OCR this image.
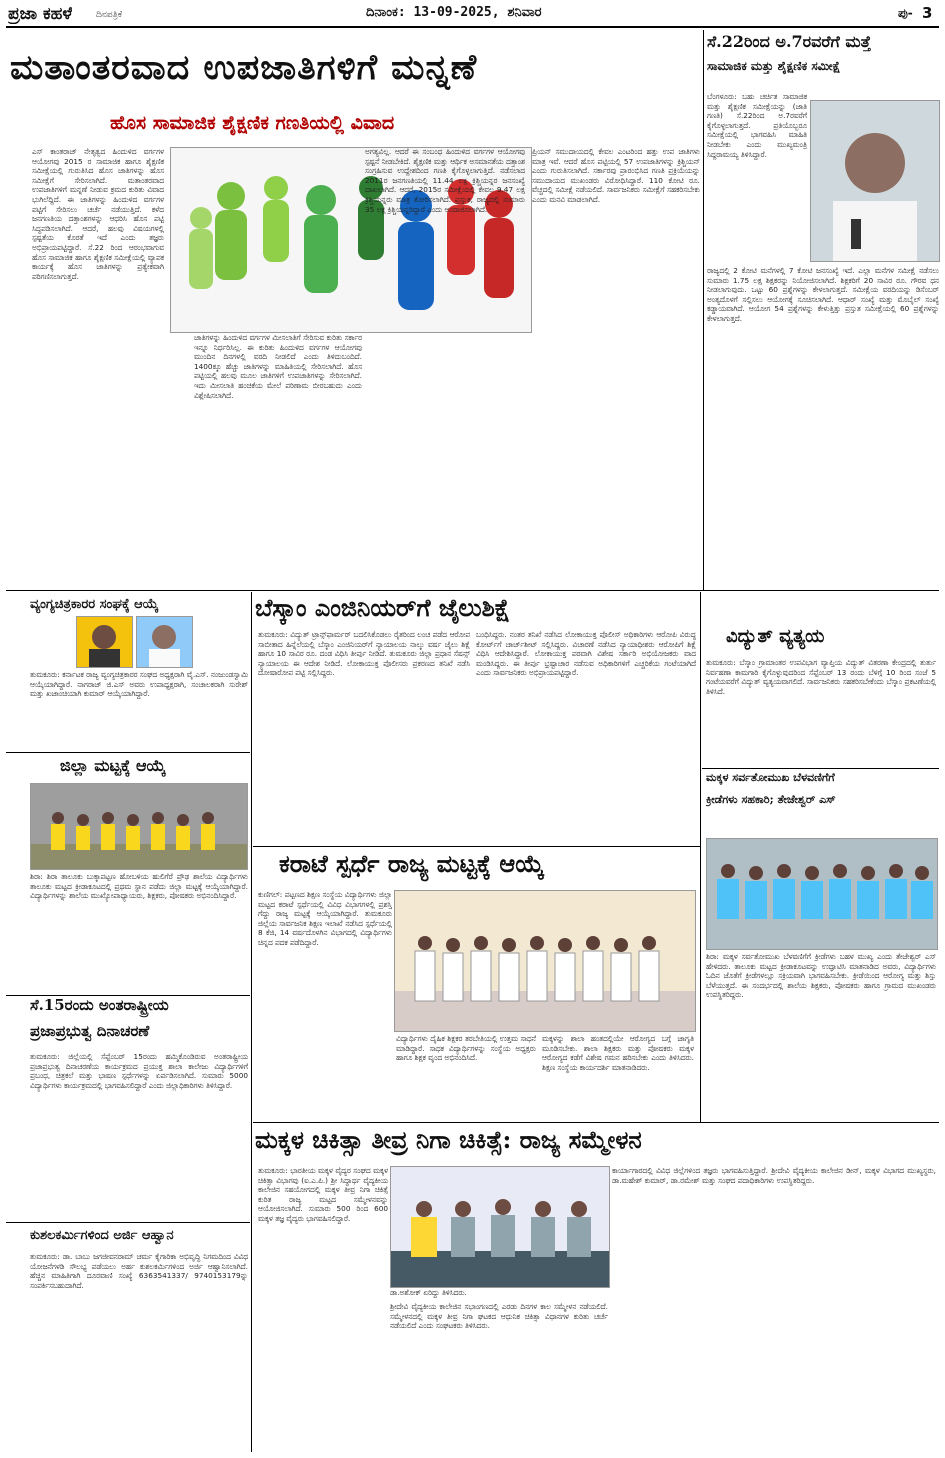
ಪ್ರಜಾ ಕಹಳೆ	ದಿನಪತ್ರಿಕೆ	ದಿನಾಂಕ: 13-09-2025, ಶನಿವಾರ	ಪು- 3
ಮತಾಂತರವಾದ ಉಪಜಾತಿಗಳಿಗೆ ಮನ್ನಣೆ
ಹೊಸ ಸಾಮಾಜಿಕ ಶೈಕ್ಷಣಿಕ ಗಣತಿಯಲ್ಲಿ ವಿವಾದ
ಎಸ್ ಕಾಂತರಾಜ್ ನೇತೃತ್ವದ ಹಿಂದುಳಿದ ವರ್ಗಗಳ ಆಯೋಗವು 2015 ರ ಸಾಮಾಜಿಕ ಹಾಗೂ ಶೈಕ್ಷಣಿಕ ಸಮೀಕ್ಷೆಯಲ್ಲಿ ಗುರುತಿಸಿದ ಹೊಸ ಜಾತಿಗಳನ್ನು ಹೊಸ ಸಮೀಕ್ಷೆಗೆ ಸೇರಿಸಲಾಗಿದೆ. ಮತಾಂತರವಾದ ಉಪಜಾತಿಗಳಿಗೆ ಮನ್ನಣೆ ನೀಡುವ ಕ್ರಮದ ಕುರಿತು ವಿವಾದ ಭುಗಿಲೆದ್ದಿದೆ. ಈ ಜಾತಿಗಳನ್ನು ಹಿಂದುಳಿದ ವರ್ಗಗಳ ಪಟ್ಟಿಗೆ ಸೇರಿಸಲು ಚರ್ಚೆ ನಡೆಯುತ್ತಿದೆ. ಕಳೆದ ಜನಗಣತಿಯ ದತ್ತಾಂಶಗಳನ್ನು ಆಧರಿಸಿ ಹೊಸ ಪಟ್ಟಿ ಸಿದ್ಧಪಡಿಸಲಾಗಿದೆ. ಆದರೆ, ಹಲವು ವಿಷಯಗಳಲ್ಲಿ ಸ್ಪಷ್ಟತೆಯ ಕೊರತೆ ಇದೆ ಎಂದು ತಜ್ಞರು ಅಭಿಪ್ರಾಯಪಟ್ಟಿದ್ದಾರೆ. ಸೆ.22 ರಿಂದ ಆರಂಭವಾಗುವ ಹೊಸ ಸಾಮಾಜಿಕ ಹಾಗೂ ಶೈಕ್ಷಣಿಕ ಸಮೀಕ್ಷೆಯಲ್ಲಿ ವ್ಯಾಪಕ ಕಾರ್ಯಕ್ಕೆ ಹೊಸ ಜಾತಿಗಳನ್ನು ಪ್ರತ್ಯೇಕವಾಗಿ ಪರಿಗಣಿಸಲಾಗುತ್ತದೆ.
ಜಾತಿಗಳನ್ನು ಹಿಂದುಳಿದ ವರ್ಗಗಳ ಮೀಸಲಾತಿಗೆ ಸೇರಿಸುವ ಕುರಿತು ಸರ್ಕಾರ ಇನ್ನೂ ನಿರ್ಧರಿಸಿಲ್ಲ. ಈ ಕುರಿತು ಹಿಂದುಳಿದ ವರ್ಗಗಳ ಆಯೋಗವು ಮುಂದಿನ ದಿನಗಳಲ್ಲಿ ವರದಿ ನೀಡಲಿದೆ ಎಂದು ತಿಳಿದುಬಂದಿದೆ. 1400ಕ್ಕೂ ಹೆಚ್ಚು ಜಾತಿಗಳನ್ನು ಮಾಹಿತಿಯಲ್ಲಿ ಸೇರಿಸಲಾಗಿದೆ. ಹೊಸ ಪಟ್ಟಿಯಲ್ಲಿ ಹಲವು ಮೂಲ ಜಾತಿಗಳಿಗೆ ಉಪಜಾತಿಗಳನ್ನು ಸೇರಿಸಲಾಗಿದೆ. ಇದು ಮೀಸಲಾತಿ ಹಂಚಿಕೆಯ ಮೇಲೆ ಪರಿಣಾಮ ಬೀರಬಹುದು ಎಂದು ವಿಶ್ಲೇಷಿಸಲಾಗಿದೆ.
ಅಗತ್ಯವಿಲ್ಲ. ಆದರೆ ಈ ಸಂಬಂಧ ಹಿಂದುಳಿದ ವರ್ಗಗಳ ಆಯೋಗವು ಸ್ಪಷ್ಟನೆ ನೀಡಬೇಕಿದೆ. ಶೈಕ್ಷಣಿಕ ಮತ್ತು ಆರ್ಥಿಕ ಅಸಮಾನತೆಯ ದತ್ತಾಂಶ ಸಂಗ್ರಹಿಸುವ ಉದ್ದೇಶದಿಂದ ಗಣತಿ ಕೈಗೊಳ್ಳಲಾಗುತ್ತಿದೆ. ನಡೆಸಲಾದ 2011ರ ಜನಗಣತಿಯಲ್ಲಿ 11.44 ಲಕ್ಷ ಕ್ರಿಶ್ಚಿಯನ್ನರ ಜನಸಂಖ್ಯೆ ದಾಖಲಾಗಿದೆ. ಆದರೆ, 2015ರ ಸಮೀಕ್ಷೆಯಲ್ಲಿ ಕೇವಲ 9.47 ಲಕ್ಷ ಕ್ರಿಶ್ಚಿಯನ್ನರು ಮಾತ್ರ ತೋರಿಸಲಾಗಿದೆ. ಪ್ರಸ್ತುತ, ರಾಜ್ಯದಲ್ಲಿ ಸುಮಾರು 35 ಲಕ್ಷ ಕ್ರಿಶ್ಚಿಯನ್ನರಿದ್ದಾರೆ ಎಂದು ಅಂದಾಜಿಸಲಾಗಿದೆ.
ಪ್ರಿಯನ್ ಸಮುದಾಯದಲ್ಲಿ ಕೇವಲ ಎಂಟರಿಂದ ಹತ್ತು ಉಪ ಜಾತಿಗಳು ಮಾತ್ರ ಇವೆ. ಆದರೆ ಹೊಸ ಪಟ್ಟಿಯಲ್ಲಿ 57 ಉಪಜಾತಿಗಳನ್ನು ಕ್ರಿಶ್ಚಿಯನ್ ಎಂದು ಗುರುತಿಸಲಾಗಿದೆ. ಸರ್ಕಾರವು ಪ್ರಾರಂಭಿಸಿದ ಗಣತಿ ಪ್ರಕ್ರಿಯೆಯನ್ನು ಸಮುದಾಯದ ಮುಖಂಡರು ವಿರೋಧಿಸಿದ್ದಾರೆ. 110 ಕೋಟಿ ರೂ. ವೆಚ್ಚದಲ್ಲಿ ಸಮೀಕ್ಷೆ ನಡೆಯಲಿದೆ. ಸಾರ್ವಜನಿಕರು ಸಮೀಕ್ಷೆಗೆ ಸಹಕರಿಸಬೇಕು ಎಂದು ಮನವಿ ಮಾಡಲಾಗಿದೆ.
ಸೆ.22ರಿಂದ ಅ.7ರವರೆಗೆ ಮತ್ತೆ
ಸಾಮಾಜಿಕ ಮತ್ತು ಶೈಕ್ಷಣಿಕ ಸಮೀಕ್ಷೆ
ಬೆಂಗಳೂರು: ಬಹು ಚರ್ಚಿತ ಸಾಮಾಜಿಕ ಮತ್ತು ಶೈಕ್ಷಣಿಕ ಸಮೀಕ್ಷೆಯನ್ನು (ಜಾತಿ ಗಣತಿ) ಸೆ.22ರಿಂದ ಅ.7ರವರೆಗೆ ಕೈಗೊಳ್ಳಲಾಗುತ್ತದೆ. ಪ್ರತಿಯೊಬ್ಬರೂ ಸಮೀಕ್ಷೆಯಲ್ಲಿ ಭಾಗವಹಿಸಿ ಮಾಹಿತಿ ನೀಡಬೇಕು ಎಂದು ಮುಖ್ಯಮಂತ್ರಿ ಸಿದ್ದರಾಮಯ್ಯ ತಿಳಿಸಿದ್ದಾರೆ.
ರಾಜ್ಯದಲ್ಲಿ 2 ಕೋಟಿ ಮನೆಗಳಲ್ಲಿ 7 ಕೋಟಿ ಜನಸಂಖ್ಯೆ ಇದೆ. ಎಲ್ಲಾ ಮನೆಗಳ ಸಮೀಕ್ಷೆ ನಡೆಸಲು ಸುಮಾರು 1.75 ಲಕ್ಷ ಶಿಕ್ಷಕರನ್ನು ನಿಯೋಜಿಸಲಾಗಿದೆ. ಶಿಕ್ಷಕರಿಗೆ 20 ಸಾವಿರ ರೂ. ಗೌರವ ಧನ ನೀಡಲಾಗುವುದು. ಒಟ್ಟು 60 ಪ್ರಶ್ನೆಗಳನ್ನು ಕೇಳಲಾಗುತ್ತದೆ. ಸಮೀಕ್ಷೆಯ ವರದಿಯನ್ನು ಡಿಸೆಂಬರ್ ಅಂತ್ಯದೊಳಗೆ ಸಲ್ಲಿಸಲು ಆಯೋಗಕ್ಕೆ ಸೂಚಿಸಲಾಗಿದೆ. ಆಧಾರ್ ಸಂಖ್ಯೆ ಮತ್ತು ಮೊಬೈಲ್ ಸಂಖ್ಯೆ ಕಡ್ಡಾಯವಾಗಿದೆ. ಆಯೋಗ 54 ಪ್ರಶ್ನೆಗಳನ್ನು ಕೇಳುತ್ತಿತ್ತು ಪ್ರಸ್ತುತ ಸಮೀಕ್ಷೆಯಲ್ಲಿ 60 ಪ್ರಶ್ನೆಗಳನ್ನು ಕೇಳಲಾಗುತ್ತದೆ.
ವ್ಯಂಗ್ಯಚಿತ್ರಕಾರರ ಸಂಘಕ್ಕೆ ಆಯ್ಕೆ
ತುಮಕೂರು: ಕರ್ನಾಟಕ ರಾಜ್ಯ ವ್ಯಂಗ್ಯಚಿತ್ರಕಾರರ ಸಂಘದ ಅಧ್ಯಕ್ಷರಾಗಿ ವೈ.ಎಸ್. ನಂಜುಂಡಸ್ವಾಮಿ ಆಯ್ಕೆಯಾಗಿದ್ದಾರೆ. ನಾಗರಾಜ್ ಜಿ.ಎಸ್ ಅವರು ಉಪಾಧ್ಯಕ್ಷರಾಗಿ, ಸಂಚಾಲಕರಾಗಿ ಸುರೇಶ್ ಮತ್ತು ಖಜಾಂಚಿಯಾಗಿ ಕುಮಾರ್ ಆಯ್ಕೆಯಾಗಿದ್ದಾರೆ.
ಜಿಲ್ಲಾ ಮಟ್ಟಕ್ಕೆ ಆಯ್ಕೆ
ಶಿರಾ: ಶಿರಾ ತಾಲೂಕು ಬುಕ್ಕಾಪಟ್ಟಣ ಹೋಬಳಿಯ ಹುಲಿಗೆರೆ ಪ್ರೌಢ ಶಾಲೆಯ ವಿದ್ಯಾರ್ಥಿಗಳು ತಾಲೂಕು ಮಟ್ಟದ ಕ್ರೀಡಾಕೂಟದಲ್ಲಿ ಪ್ರಥಮ ಸ್ಥಾನ ಪಡೆದು ಜಿಲ್ಲಾ ಮಟ್ಟಕ್ಕೆ ಆಯ್ಕೆಯಾಗಿದ್ದಾರೆ. ವಿದ್ಯಾರ್ಥಿಗಳನ್ನು ಶಾಲೆಯ ಮುಖ್ಯೋಪಾಧ್ಯಾಯರು, ಶಿಕ್ಷಕರು, ಪೋಷಕರು ಅಭಿನಂದಿಸಿದ್ದಾರೆ.
ಸೆ.15ರಂದು ಅಂತರಾಷ್ಟ್ರೀಯ
ಪ್ರಜಾಪ್ರಭುತ್ವ ದಿನಾಚರಣೆ
ತುಮಕೂರು: ಜಿಲ್ಲೆಯಲ್ಲಿ ಸೆಪ್ಟೆಂಬರ್ 15ರಂದು ಹಮ್ಮಿಕೊಂಡಿರುವ ಅಂತರಾಷ್ಟ್ರೀಯ ಪ್ರಜಾಪ್ರಭುತ್ವ ದಿನಾಚರಣೆಯ ಕಾರ್ಯಕ್ರಮದ ಪ್ರಯುಕ್ತ ಶಾಲಾ ಕಾಲೇಜು ವಿದ್ಯಾರ್ಥಿಗಳಿಗೆ ಪ್ರಬಂಧ, ಚಿತ್ರಕಲೆ ಮತ್ತು ಭಾಷಣ ಸ್ಪರ್ಧೆಗಳನ್ನು ಏರ್ಪಡಿಸಲಾಗಿದೆ. ಸುಮಾರು 5000 ವಿದ್ಯಾರ್ಥಿಗಳು ಕಾರ್ಯಕ್ರಮದಲ್ಲಿ ಭಾಗವಹಿಸಲಿದ್ದಾರೆ ಎಂದು ಜಿಲ್ಲಾಧಿಕಾರಿಗಳು ತಿಳಿಸಿದ್ದಾರೆ.
ಕುಶಲಕರ್ಮಿಗಳಿಂದ ಅರ್ಜಿ ಆಹ್ವಾನ
ತುಮಕೂರು: ಡಾ. ಬಾಬು ಜಗಜೀವನರಾಮ್ ಚರ್ಮ ಕೈಗಾರಿಕಾ ಅಭಿವೃದ್ಧಿ ನಿಗಮದಿಂದ ವಿವಿಧ ಯೋಜನೆಗಳಡಿ ಸೌಲಭ್ಯ ಪಡೆಯಲು ಅರ್ಹ ಕುಶಲಕರ್ಮಿಗಳಿಂದ ಅರ್ಜಿ ಆಹ್ವಾನಿಸಲಾಗಿದೆ. ಹೆಚ್ಚಿನ ಮಾಹಿತಿಗಾಗಿ ದೂರವಾಣಿ ಸಂಖ್ಯೆ 6363541337/ 9740153179ನ್ನು ಸಂಪರ್ಕಿಸಬಹುದಾಗಿದೆ.
ಬೆಸ್ಕಾಂ ಎಂಜಿನಿಯರ್‌ಗೆ ಜೈಲುಶಿಕ್ಷೆ
ತುಮಕೂರು: ವಿದ್ಯುತ್ ಟ್ರಾನ್ಸ್‌ಫಾರ್ಮರ್ ಬದಲಿಸಿಕೊಡಲು ರೈತರಿಂದ ಲಂಚ ಪಡೆದ ಆರೋಪ ಸಾಬೀತಾದ ಹಿನ್ನೆಲೆಯಲ್ಲಿ ಬೆಸ್ಕಾಂ ಎಂಜಿನಿಯರ್‌ಗೆ ನ್ಯಾಯಾಲಯ ನಾಲ್ಕು ವರ್ಷ ಜೈಲು ಶಿಕ್ಷೆ ಹಾಗೂ 10 ಸಾವಿರ ರೂ. ದಂಡ ವಿಧಿಸಿ ತೀರ್ಪು ನೀಡಿದೆ. ತುಮಕೂರು ಜಿಲ್ಲಾ ಪ್ರಧಾನ ಸೆಷನ್ಸ್ ನ್ಯಾಯಾಲಯ ಈ ಆದೇಶ ನೀಡಿದೆ. ಲೋಕಾಯುಕ್ತ ಪೊಲೀಸರು ಪ್ರಕರಣದ ತನಿಖೆ ನಡೆಸಿ ದೋಷಾರೋಪ ಪಟ್ಟಿ ಸಲ್ಲಿಸಿದ್ದರು.
ಬಂಧಿಸಿದ್ದರು. ನಂತರ ತನಿಖೆ ನಡೆಸಿದ ಲೋಕಾಯುಕ್ತ ಪೊಲೀಸ್ ಅಧಿಕಾರಿಗಳು ಆರೋಪಿ ವಿರುದ್ಧ ಕೋರ್ಟ್‌ಗೆ ಚಾರ್ಜ್‌ಶೀಟ್ ಸಲ್ಲಿಸಿದ್ದರು. ವಿಚಾರಣೆ ನಡೆಸಿದ ನ್ಯಾಯಾಧೀಶರು ಆರೋಪಿಗೆ ಶಿಕ್ಷೆ ವಿಧಿಸಿ ಆದೇಶಿಸಿದ್ದಾರೆ. ಲೋಕಾಯುಕ್ತ ಪರವಾಗಿ ವಿಶೇಷ ಸರ್ಕಾರಿ ಅಭಿಯೋಜಕರು ವಾದ ಮಂಡಿಸಿದ್ದರು. ಈ ತೀರ್ಪು ಭ್ರಷ್ಟಾಚಾರ ನಡೆಸುವ ಅಧಿಕಾರಿಗಳಿಗೆ ಎಚ್ಚರಿಕೆಯ ಗಂಟೆಯಾಗಿದೆ ಎಂದು ಸಾರ್ವಜನಿಕರು ಅಭಿಪ್ರಾಯಪಟ್ಟಿದ್ದಾರೆ.
ವಿದ್ಯುತ್ ವ್ಯತ್ಯಯ
ತುಮಕೂರು: ಬೆಸ್ಕಾಂ ಗ್ರಾಮಾಂತರ ಉಪವಿಭಾಗ ವ್ಯಾಪ್ತಿಯ ವಿದ್ಯುತ್ ವಿತರಣಾ ಕೇಂದ್ರದಲ್ಲಿ ತುರ್ತು ನಿರ್ವಹಣಾ ಕಾಮಗಾರಿ ಕೈಗೊಳ್ಳುವುದರಿಂದ ಸೆಪ್ಟೆಂಬರ್ 13 ರಂದು ಬೆಳಿಗ್ಗೆ 10 ರಿಂದ ಸಂಜೆ 5 ಗಂಟೆಯವರೆಗೆ ವಿದ್ಯುತ್ ವ್ಯತ್ಯಯವಾಗಲಿದೆ. ಸಾರ್ವಜನಿಕರು ಸಹಕರಿಸಬೇಕೆಂದು ಬೆಸ್ಕಾಂ ಪ್ರಕಟಣೆಯಲ್ಲಿ ತಿಳಿಸಿದೆ.
ಮಕ್ಕಳ ಸರ್ವತೋಮುಖ ಬೆಳವಣಿಗೆಗೆ
ಕ್ರೀಡೆಗಳು ಸಹಕಾರಿ; ತೇಜೇಶ್ವರ್ ಎಸ್
ಶಿರಾ: ಮಕ್ಕಳ ಸರ್ವತೋಮುಖ ಬೆಳವಣಿಗೆಗೆ ಕ್ರೀಡೆಗಳು ಬಹಳ ಮುಖ್ಯ ಎಂದು ತೇಜೇಶ್ವರ್ ಎಸ್ ಹೇಳಿದರು. ತಾಲೂಕು ಮಟ್ಟದ ಕ್ರೀಡಾಕೂಟವನ್ನು ಉದ್ಘಾಟಿಸಿ ಮಾತನಾಡಿದ ಅವರು, ವಿದ್ಯಾರ್ಥಿಗಳು ಓದಿನ ಜೊತೆಗೆ ಕ್ರೀಡೆಗಳಲ್ಲೂ ಸಕ್ರಿಯವಾಗಿ ಭಾಗವಹಿಸಬೇಕು. ಕ್ರೀಡೆಯಿಂದ ಆರೋಗ್ಯ ಮತ್ತು ಶಿಸ್ತು ಬೆಳೆಯುತ್ತದೆ. ಈ ಸಂದರ್ಭದಲ್ಲಿ ಶಾಲೆಯ ಶಿಕ್ಷಕರು, ಪೋಷಕರು ಹಾಗೂ ಗ್ರಾಮದ ಮುಖಂಡರು ಉಪಸ್ಥಿತರಿದ್ದರು.
ಕರಾಟೆ ಸ್ಪರ್ಧೆ ರಾಜ್ಯ ಮಟ್ಟಕ್ಕೆ ಆಯ್ಕೆ
ಕುಣಿಗಲ್: ಪಟ್ಟಣದ ಶಿಕ್ಷಣ ಸಂಸ್ಥೆಯ ವಿದ್ಯಾರ್ಥಿಗಳು ಜಿಲ್ಲಾ ಮಟ್ಟದ ಕರಾಟೆ ಸ್ಪರ್ಧೆಯಲ್ಲಿ ವಿವಿಧ ವಿಭಾಗಗಳಲ್ಲಿ ಪ್ರಶಸ್ತಿ ಗೆದ್ದು ರಾಜ್ಯ ಮಟ್ಟಕ್ಕೆ ಆಯ್ಕೆಯಾಗಿದ್ದಾರೆ. ತುಮಕೂರು ಜಿಲ್ಲೆಯ ಸಾರ್ವಜನಿಕ ಶಿಕ್ಷಣ ಇಲಾಖೆ ನಡೆಸಿದ ಸ್ಪರ್ಧೆಯಲ್ಲಿ 8 ಕೆಜಿ, 14 ವರ್ಷದೊಳಗಿನ ವಿಭಾಗದಲ್ಲಿ ವಿದ್ಯಾರ್ಥಿಗಳು ಚಿನ್ನದ ಪದಕ ಪಡೆದಿದ್ದಾರೆ.
ವಿದ್ಯಾರ್ಥಿಗಳು ದೈಹಿಕ ಶಿಕ್ಷಕರ ತರಬೇತಿಯಲ್ಲಿ ಉತ್ತಮ ಸಾಧನೆ ಮಾಡಿದ್ದಾರೆ. ಸಾಧಕ ವಿದ್ಯಾರ್ಥಿಗಳನ್ನು ಸಂಸ್ಥೆಯ ಅಧ್ಯಕ್ಷರು ಹಾಗೂ ಶಿಕ್ಷಕ ವೃಂದ ಅಭಿನಂದಿಸಿದೆ.
ಮಕ್ಕಳನ್ನು ಶಾಲಾ ಹಂತದಲ್ಲಿಯೇ ಆರೋಗ್ಯದ ಬಗ್ಗೆ ಜಾಗೃತಿ ಮೂಡಿಸಬೇಕು. ಶಾಲಾ ಶಿಕ್ಷಕರು ಮತ್ತು ಪೋಷಕರು ಮಕ್ಕಳ ಆರೋಗ್ಯದ ಕಡೆಗೆ ವಿಶೇಷ ಗಮನ ಹರಿಸಬೇಕು ಎಂದು ತಿಳಿಸಿದರು. ಶಿಕ್ಷಣ ಸಂಸ್ಥೆಯ ಕಾರ್ಯದರ್ಶಿ ಮಾತನಾಡಿದರು.
ಮಕ್ಕಳ ಚಿಕಿತ್ಸಾ ತೀವ್ರ ನಿಗಾ ಚಿಕಿತ್ಸೆ: ರಾಜ್ಯ ಸಮ್ಮೇಳನ
ತುಮಕೂರು: ಭಾರತೀಯ ಮಕ್ಕಳ ವೈದ್ಯರ ಸಂಘದ ಮಕ್ಕಳ ಚಿಕಿತ್ಸಾ ವಿಭಾಗವು (ಐ.ಎ.ಪಿ.) ಶ್ರೀ ಸಿದ್ಧಾರ್ಥ ವೈದ್ಯಕೀಯ ಕಾಲೇಜಿನ ಸಹಯೋಗದಲ್ಲಿ ಮಕ್ಕಳ ತೀವ್ರ ನಿಗಾ ಚಿಕಿತ್ಸೆ ಕುರಿತ ರಾಜ್ಯ ಮಟ್ಟದ ಸಮ್ಮೇಳನವನ್ನು ಆಯೋಜಿಸಲಾಗಿದೆ. ಸುಮಾರು 500 ರಿಂದ 600 ಮಕ್ಕಳ ತಜ್ಞ ವೈದ್ಯರು ಭಾಗವಹಿಸಲಿದ್ದಾರೆ.
ಡಾ.ಅಶೋಕ್ ಏರಿದ್ದು ತಿಳಿಸಿದರು.
ಶ್ರೀದೇವಿ ವೈದ್ಯಕೀಯ ಕಾಲೇಜಿನ ಸಭಾಂಗಣದಲ್ಲಿ ಎರಡು ದಿನಗಳ ಕಾಲ ಸಮ್ಮೇಳನ ನಡೆಯಲಿದೆ. ಸಮ್ಮೇಳನದಲ್ಲಿ ಮಕ್ಕಳ ತೀವ್ರ ನಿಗಾ ಘಟಕದ ಆಧುನಿಕ ಚಿಕಿತ್ಸಾ ವಿಧಾನಗಳ ಕುರಿತು ಚರ್ಚೆ ನಡೆಯಲಿದೆ ಎಂದು ಸಂಘಟಕರು ತಿಳಿಸಿದರು.
ಕಾರ್ಯಾಗಾರದಲ್ಲಿ ವಿವಿಧ ಜಿಲ್ಲೆಗಳಿಂದ ತಜ್ಞರು ಭಾಗವಹಿಸುತ್ತಿದ್ದಾರೆ. ಶ್ರೀದೇವಿ ವೈದ್ಯಕೀಯ ಕಾಲೇಜಿನ ಡೀನ್, ಮಕ್ಕಳ ವಿಭಾಗದ ಮುಖ್ಯಸ್ಥರು, ಡಾ.ಮಹೇಶ್ ಕುಮಾರ್, ಡಾ.ರಮೇಶ್ ಮತ್ತು ಸಂಘದ ಪದಾಧಿಕಾರಿಗಳು ಉಪಸ್ಥಿತರಿದ್ದರು.
